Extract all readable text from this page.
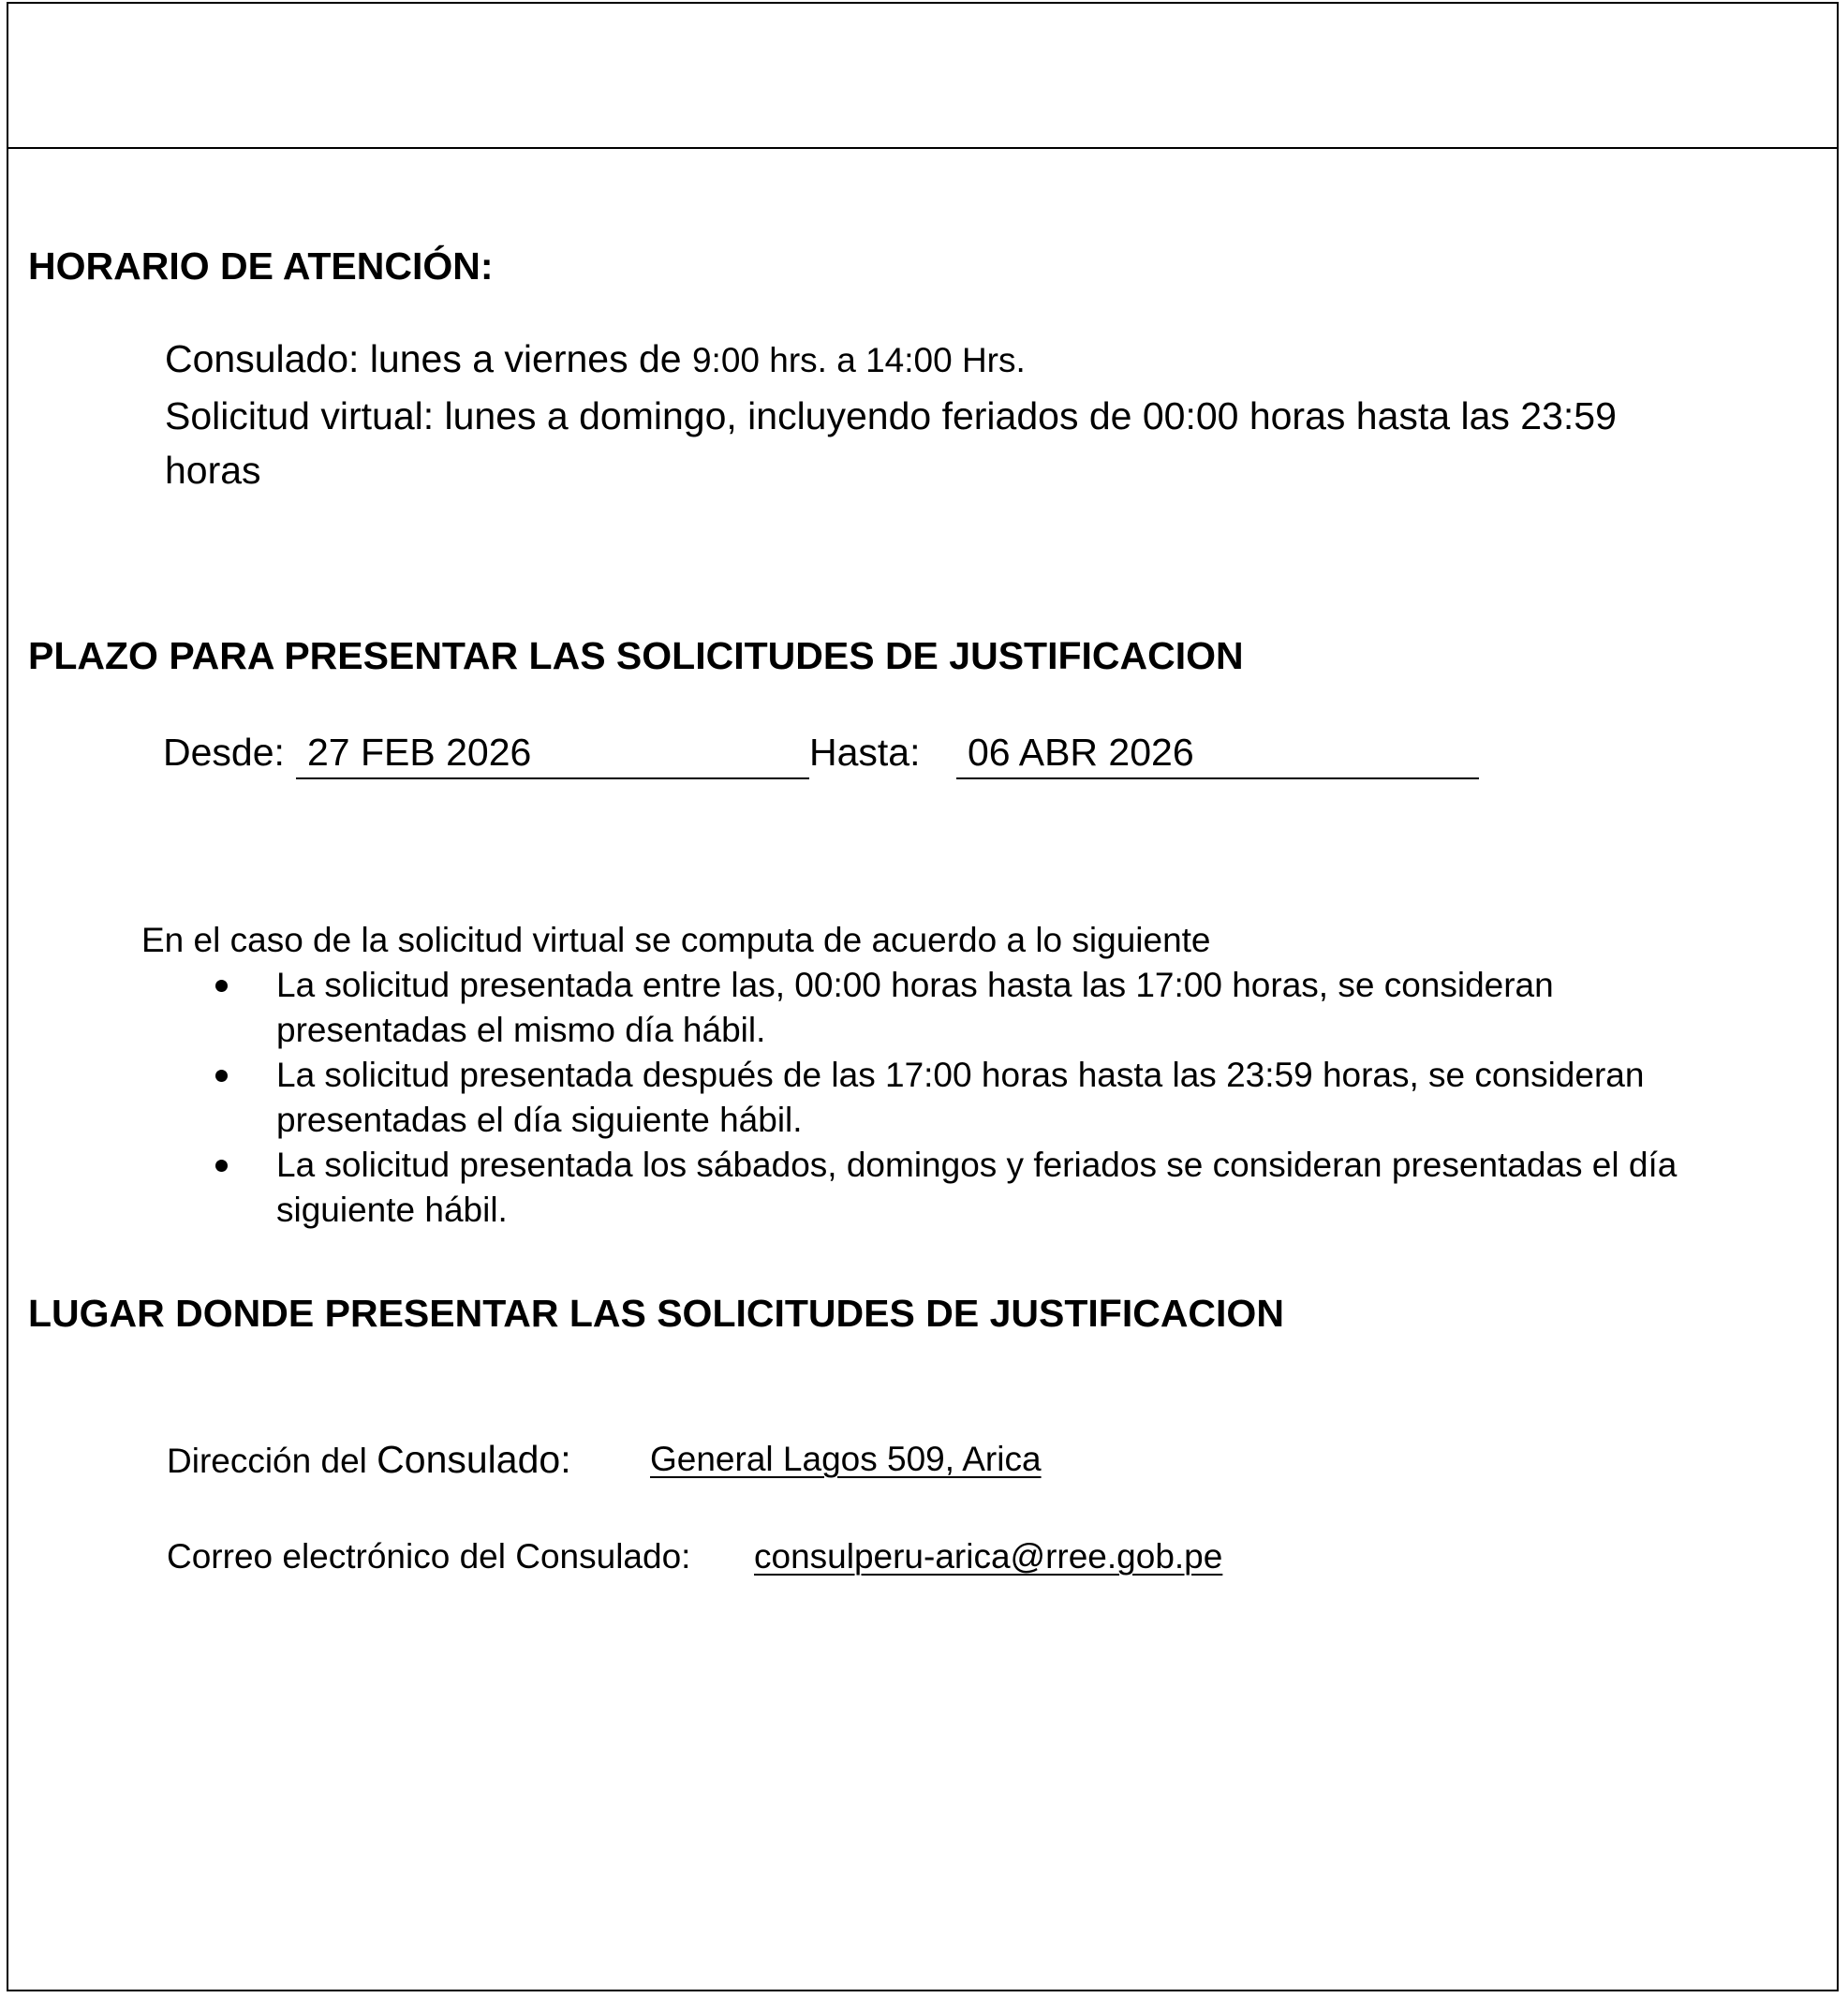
HORARIO DE ATENCIÓN:
Consulado: lunes a viernes de 9:00 hrs. a 14:00 Hrs.
Solicitud virtual: lunes a domingo, incluyendo feriados de 00:00 horas hasta las 23:59
horas
PLAZO PARA PRESENTAR LAS SOLICITUDES DE JUSTIFICACION
Desde: 27 FEB 2026	Hasta: 06 ABR 2026
En el caso de la solicitud virtual se computa de acuerdo a lo siguiente
La solicitud presentada entre las, 00:00 horas hasta las 17:00 horas, se consideran
presentadas el mismo día hábil.
La solicitud presentada después de las 17:00 horas hasta las 23:59 horas, se consideran
presentadas el día siguiente hábil.
La solicitud presentada los sábados, domingos y feriados se consideran presentadas el día
siguiente hábil.
LUGAR DONDE PRESENTAR LAS SOLICITUDES DE JUSTIFICACION
Dirección del Consulado: General Lagos 509, Arica
Correo electrónico del Consulado: consulperu-arica@rree.gob.pe
